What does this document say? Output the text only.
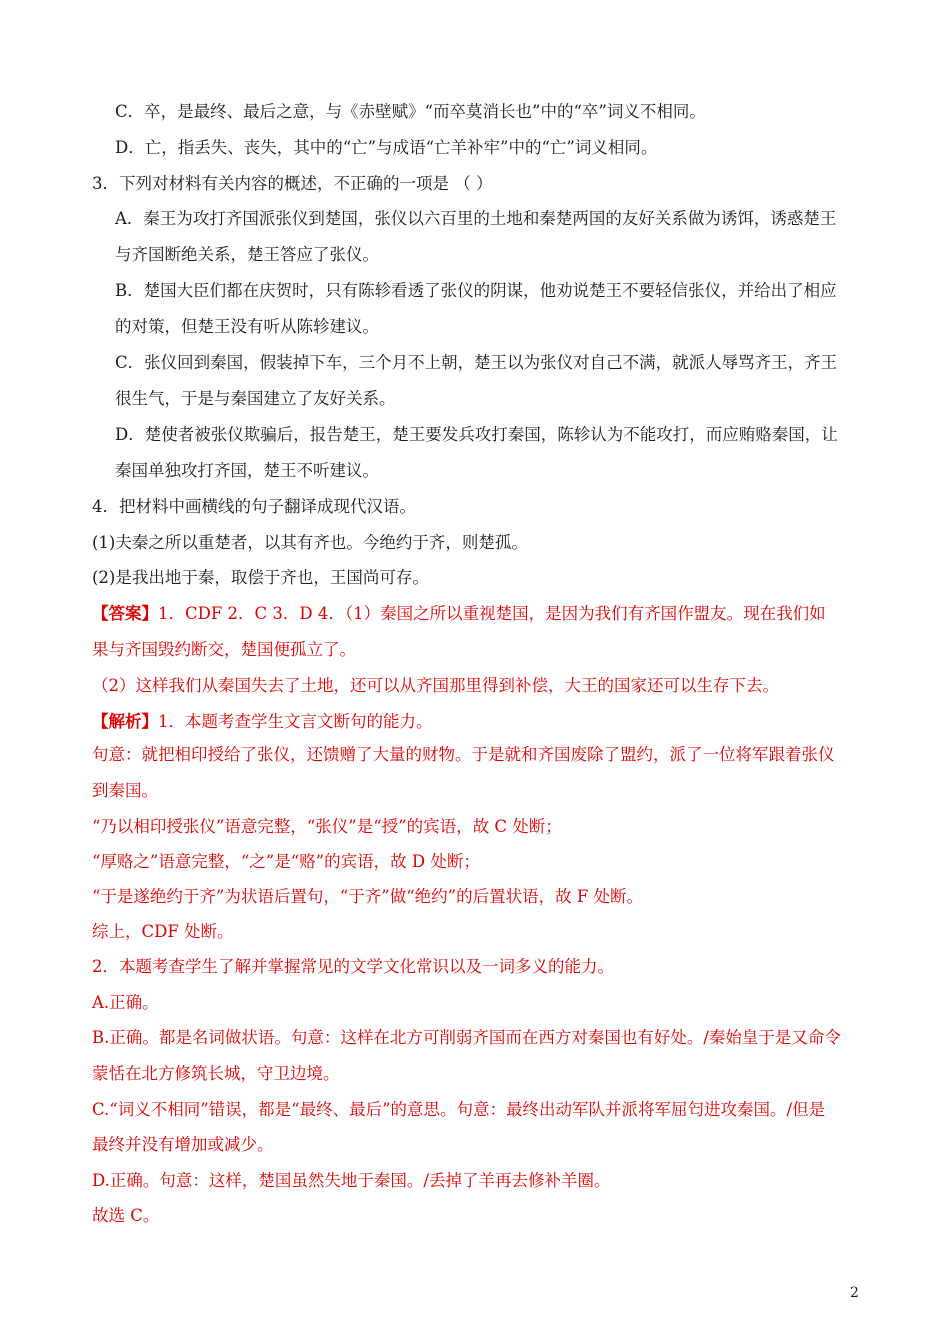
C．卒，是最终、最后之意，与《赤壁赋》“而卒莫消长也”中的“卒”词义不相同。
D．亡，指丢失、丧失，其中的“亡”与成语“亡羊补牢”中的“亡”词义相同。
3．下列对材料有关内容的概述，不正确的一项是 （ ）
A．秦王为攻打齐国派张仪到楚国，张仪以六百里的土地和秦楚两国的友好关系做为诱饵，诱惑楚王
与齐国断绝关系，楚王答应了张仪。
B．楚国大臣们都在庆贺时，只有陈轸看透了张仪的阴谋，他劝说楚王不要轻信张仪，并给出了相应
的对策，但楚王没有听从陈轸建议。
C．张仪回到秦国，假装掉下车，三个月不上朝，楚王以为张仪对自己不满，就派人辱骂齐王，齐王
很生气，于是与秦国建立了友好关系。
D．楚使者被张仪欺骗后，报告楚王，楚王要发兵攻打秦国，陈轸认为不能攻打，而应贿赂秦国，让
秦国单独攻打齐国，楚王不听建议。
4．把材料中画横线的句子翻译成现代汉语。
(1)夫秦之所以重楚者，以其有齐也。今绝约于齐，则楚孤。
(2)是我出地于秦，取偿于齐也，王国尚可存。
【答案】1．CDF 2．C 3．D 4．（1）秦国之所以重视楚国，是因为我们有齐国作盟友。现在我们如
果与齐国毁约断交，楚国便孤立了。
（2）这样我们从秦国失去了土地，还可以从齐国那里得到补偿，大王的国家还可以生存下去。
【解析】1．本题考查学生文言文断句的能力。
句意：就把相印授给了张仪，还馈赠了大量的财物。于是就和齐国废除了盟约，派了一位将军跟着张仪
到秦国。
“乃以相印授张仪”语意完整，“张仪”是“授”的宾语，故 C 处断；
“厚赂之”语意完整，“之”是“赂”的宾语，故 D 处断；
“于是遂绝约于齐”为状语后置句，“于齐”做“绝约”的后置状语，故 F 处断。
综上，CDF 处断。
2．本题考查学生了解并掌握常见的文学文化常识以及一词多义的能力。
A.正确。
B.正确。都是名词做状语。句意：这样在北方可削弱齐国而在西方对秦国也有好处。/秦始皇于是又命令
蒙恬在北方修筑长城，守卫边境。
C.“词义不相同”错误，都是“最终、最后”的意思。句意：最终出动军队并派将军屈匄进攻秦国。/但是
最终并没有增加或减少。
D.正确。句意：这样，楚国虽然失地于秦国。/丢掉了羊再去修补羊圈。
故选 C。
2
